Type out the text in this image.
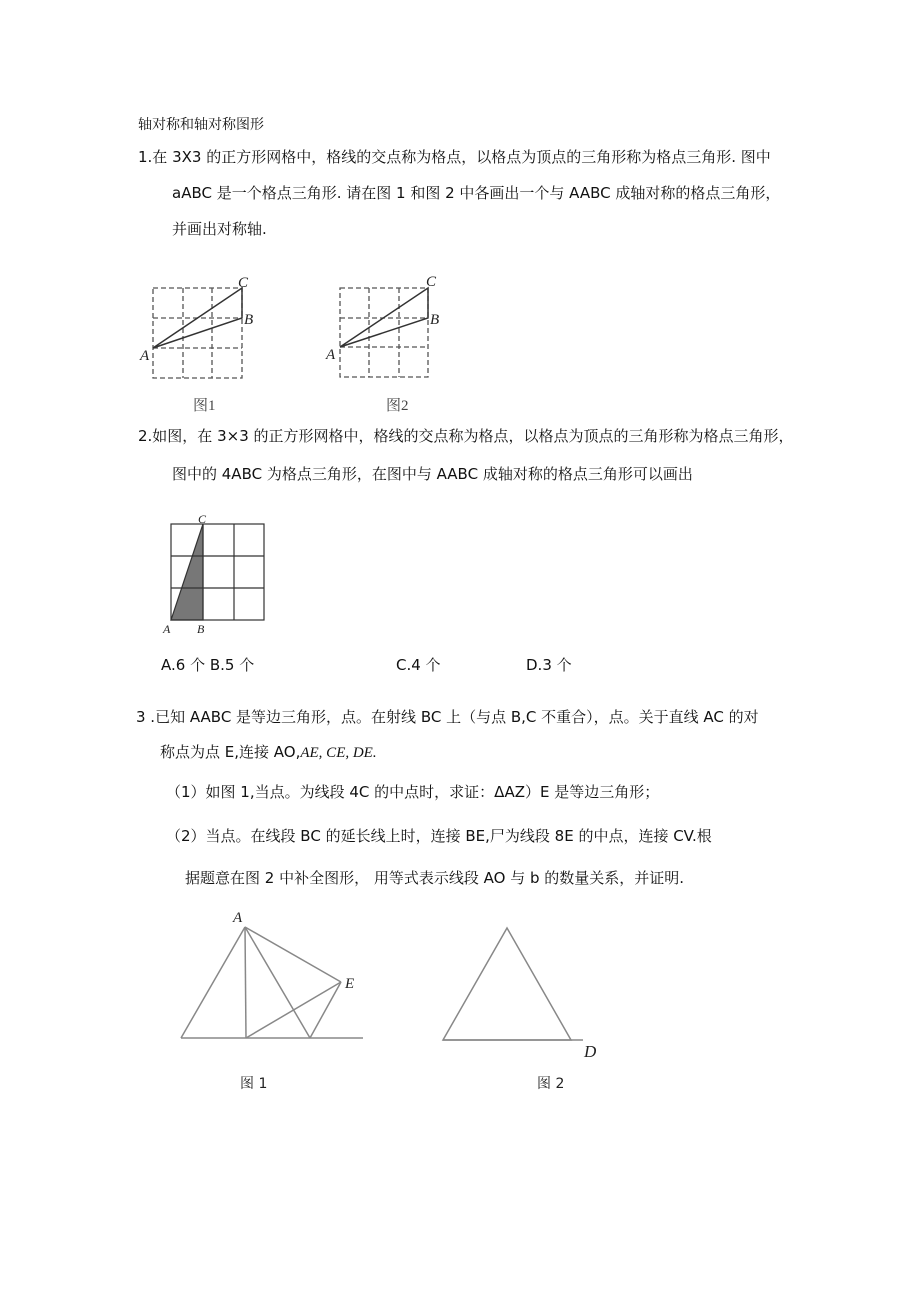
轴对称和轴对称图形
1.在 3X3 的正方形网格中，格线的交点称为格点，以格点为顶点的三角形称为格点三角形. 图中
aABC 是一个格点三角形. 请在图 1 和图 2 中各画出一个与 AABC 成轴对称的格点三角形，
并画出对称轴.
A
B
C
图1
A
B
C
图2
C
A B
A
E
图 1
D
图 2
2.如图，在 3×3 的正方形网格中，格线的交点称为格点，以格点为顶点的三角形称为格点三角形，
图中的 4ABC 为格点三角形，在图中与 AABC 成轴对称的格点三角形可以画出
A.6 个 B.5 个	C.4 个	D.3 个
3 .已知 AABC 是等边三角形，点。在射线 BC 上（与点 B,C 不重合），点。关于直线 AC 的对
称点为点 E,连接 AO,AE, CE, DE.
（1）如图 1,当点。为线段 4C 的中点时，求证：ΔAZ）E 是等边三角形；
（2）当点。在线段 BC 的延长线上时，连接 BE,尸为线段 8E 的中点，连接 CV.根
据题意在图 2 中补全图形， 用等式表示线段 AO 与 b 的数量关系，并证明.
